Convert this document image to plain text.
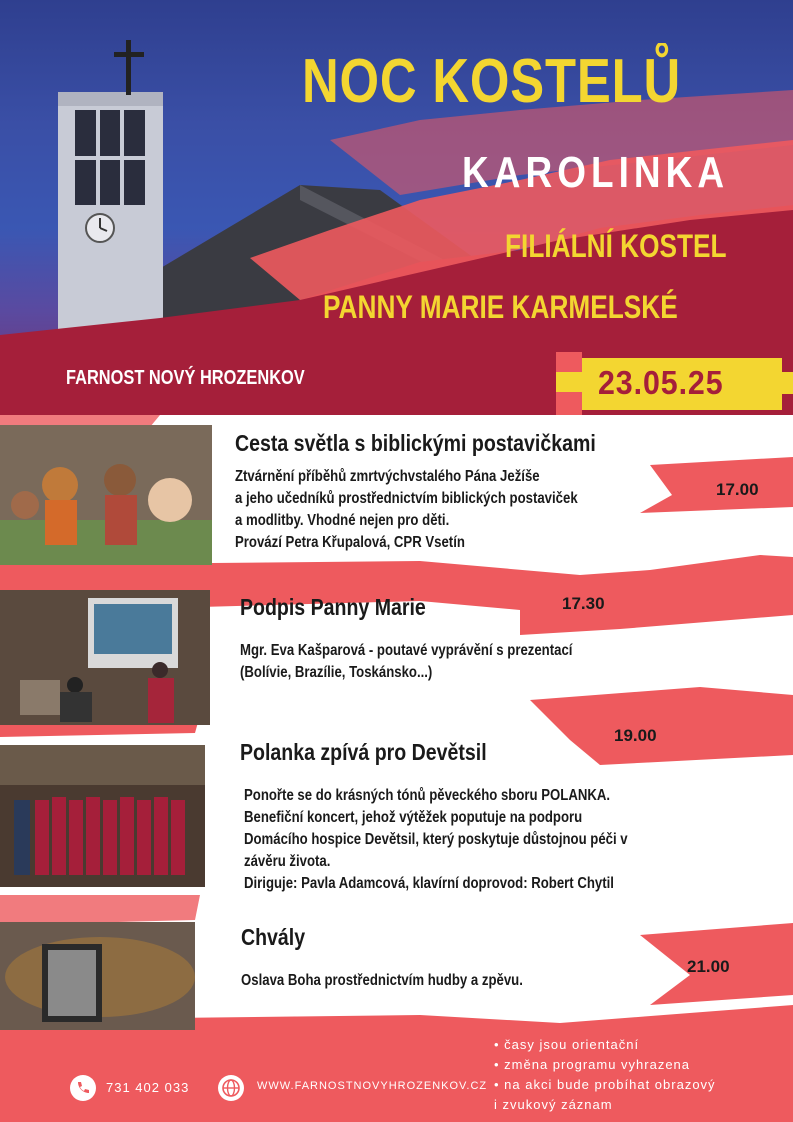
NOC KOSTELŮ
KAROLINKA
FILIÁLNÍ KOSTEL
PANNY MARIE KARMELSKÉ
FARNOST NOVÝ HROZENKOV	23.05.25
Cesta světla s biblickými postavičkami
Ztvárnění příběhů zmrtvýchvstalého Pána Ježíše
a jeho učedníků prostřednictvím biblických postaviček
a modlitby. Vhodné nejen pro děti.
Provází Petra Křupalová, CPR Vsetín
17.00
Podpis Panny Marie	17.30
Mgr. Eva Kašparová - poutavé vyprávění s prezentací
(Bolívie, Brazílie, Toskánsko...)
Polanka zpívá pro Devětsil
19.00
Ponořte se do krásných tónů pěveckého sboru POLANKA.
Benefiční koncert, jehož výtěžek poputuje na podporu
Domácího hospice Devětsil, který poskytuje důstojnou péči v
závěru života.
Diriguje: Pavla Adamcová, klavírní doprovod: Robert Chytil
Chvály
Oslava Boha prostřednictvím hudby a zpěvu.
21.00
• časy jsou orientační
• změna programu vyhrazena
• na akci bude probíhat obrazový
i zvukový záznam
731 402 033	WWW.FARNOSTNOVYHROZENKOV.CZ
